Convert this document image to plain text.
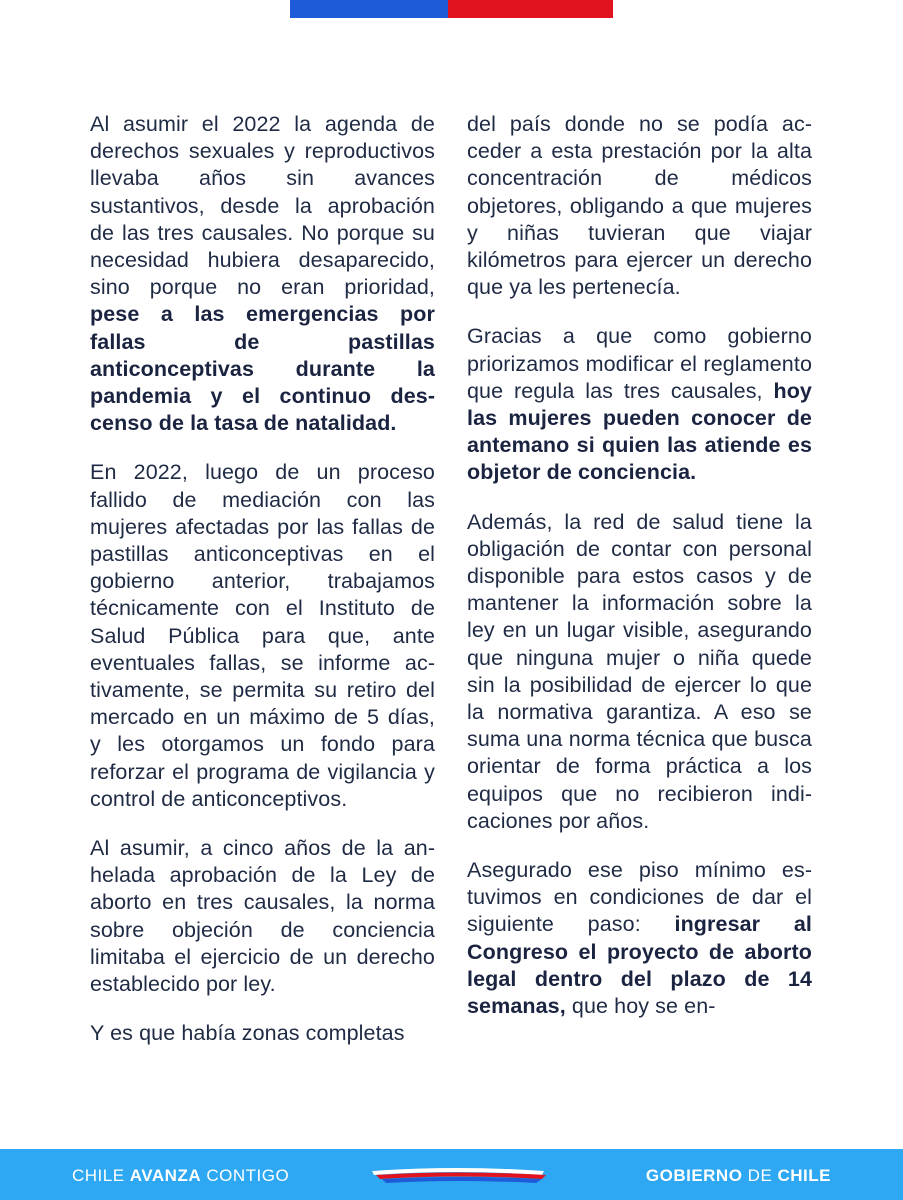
Al asumir el 2022 la agenda de derechos sexuales y reproductivos llevaba años sin avances sustantivos, desde la aprobación de las tres causales. No porque su necesidad hubiera desaparecido, sino porque no eran prioridad, pese a las emergencias por fallas de pastillas anticonceptivas durante la pandemia y el continuo descenso de la tasa de natalidad.

En 2022, luego de un proceso fallido de mediación con las mujeres afectadas por las fallas de pastillas anticonceptivas en el gobierno anterior, trabajamos técnicamente con el Instituto de Salud Pública para que, ante eventuales fallas, se informe activamente, se permita su retiro del mercado en un máximo de 5 días, y les otorgamos un fondo para reforzar el programa de vigilancia y control de anticonceptivos.

Al asumir, a cinco años de la anhelada aprobación de la Ley de aborto en tres causales, la norma sobre objeción de conciencia limitaba el ejercicio de un derecho establecido por ley.

Y es que había zonas completas

del país donde no se podía acceder a esta prestación por la alta concentración de médicos objetores, obligando a que mujeres y niñas tuvieran que viajar kilómetros para ejercer un derecho que ya les pertenecía.

Gracias a que como gobierno priorizamos modificar el reglamento que regula las tres causales, hoy las mujeres pueden conocer de antemano si quien las atiende es objetor de conciencia.

Además, la red de salud tiene la obligación de contar con personal disponible para estos casos y de mantener la información sobre la ley en un lugar visible, asegurando que ninguna mujer o niña quede sin la posibilidad de ejercer lo que la normativa garantiza. A eso se suma una norma técnica que busca orientar de forma práctica a los equipos que no recibieron indicaciones por años.

Asegurado ese piso mínimo estuvimos en condiciones de dar el siguiente paso: ingresar al Congreso el proyecto de aborto legal dentro del plazo de 14 semanas, que hoy se en-

CHILE AVANZA CONTIGO	GOBIERNO DE CHILE
